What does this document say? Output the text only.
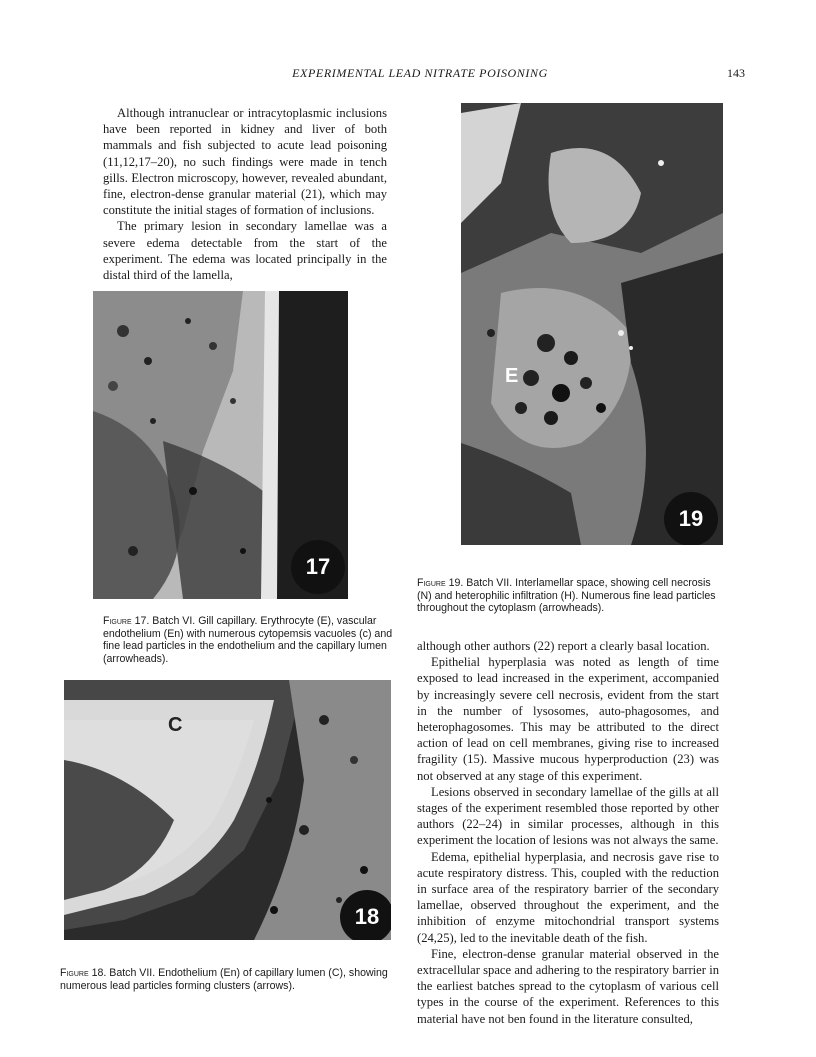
EXPERIMENTAL LEAD NITRATE POISONING	143

Although intranuclear or intracytoplasmic inclusions have been reported in kidney and liver of both mammals and fish subjected to acute lead poisoning (11,12,17–20), no such findings were made in tench gills. Electron microscopy, however, revealed abundant, fine, electron-dense granular material (21), which may constitute the initial stages of formation of inclusions.

The primary lesion in secondary lamellae was a severe edema detectable from the start of the experiment. The edema was located principally in the distal third of the lamella,

17
Figure 17. Batch VI. Gill capillary. Erythrocyte (E), vascular endothelium (En) with numerous cytopemsis vacuoles (c) and fine lead particles in the endothelium and the capillary lumen (arrowheads).
C
18
Figure 18. Batch VII. Endothelium (En) of capillary lumen (C), showing numerous lead particles forming clusters (arrows).
E
19
Figure 19. Batch VII. Interlamellar space, showing cell necrosis (N) and heterophilic infiltration (H). Numerous fine lead particles throughout the cytoplasm (arrowheads).

although other authors (22) report a clearly basal location.

Epithelial hyperplasia was noted as length of time exposed to lead increased in the experiment, accompanied by increasingly severe cell necrosis, evident from the start in the number of lysosomes, auto-phagosomes, and heterophagosomes. This may be attributed to the direct action of lead on cell membranes, giving rise to increased fragility (15). Massive mucous hyperproduction (23) was not observed at any stage of this experiment.

Lesions observed in secondary lamellae of the gills at all stages of the experiment resembled those reported by other authors (22–24) in similar processes, although in this experiment the location of lesions was not always the same.

Edema, epithelial hyperplasia, and necrosis gave rise to acute respiratory distress. This, coupled with the reduction in surface area of the respiratory barrier of the secondary lamellae, observed throughout the experiment, and the inhibition of enzyme mitochondrial transport systems (24,25), led to the inevitable death of the fish.

Fine, electron-dense granular material observed in the extracellular space and adhering to the respiratory barrier in the earliest batches spread to the cytoplasm of various cell types in the course of the experiment. References to this material have not ben found in the literature consulted,
